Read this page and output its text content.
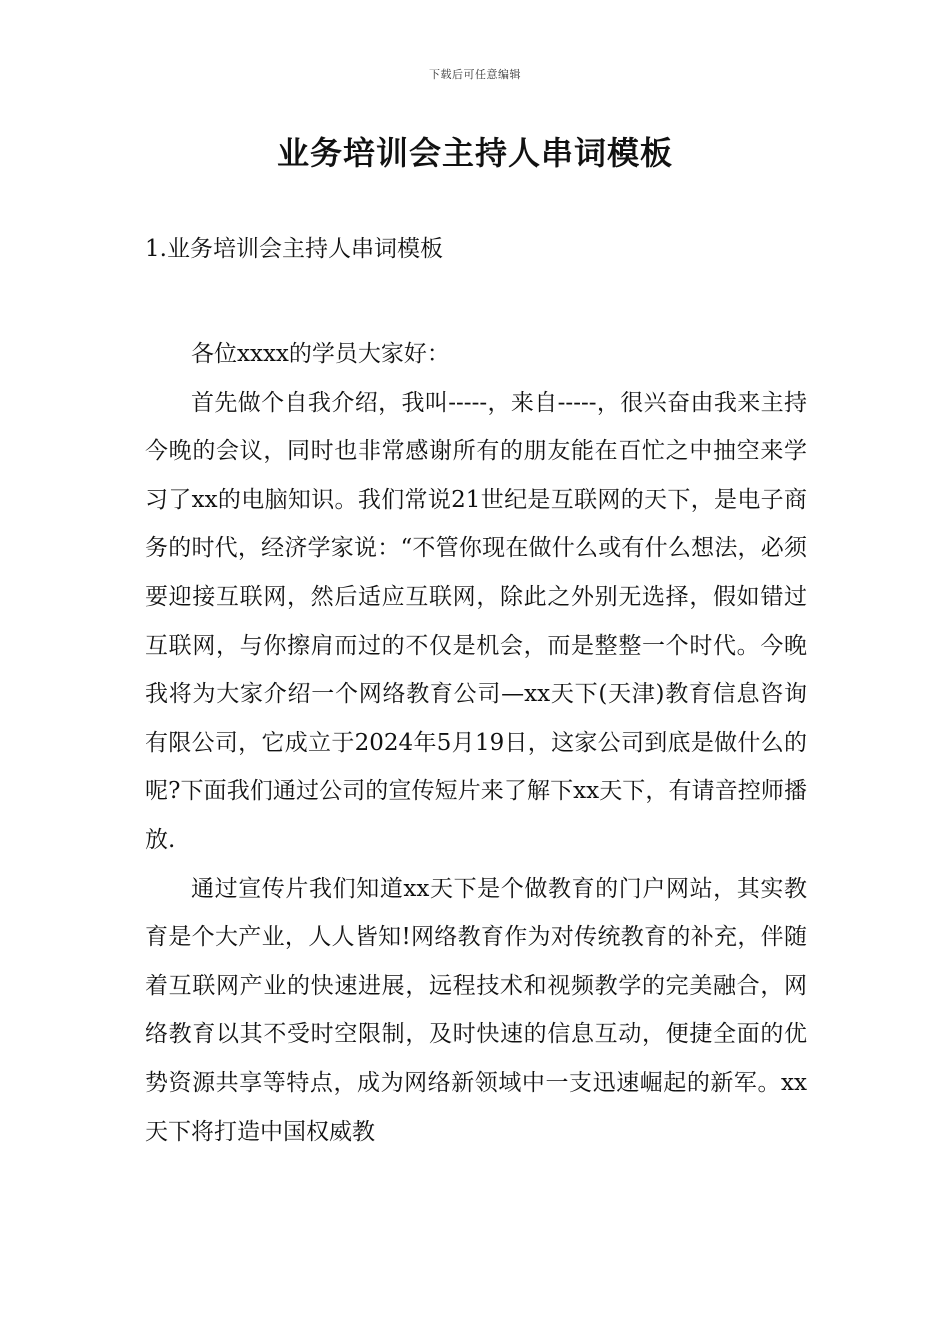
下载后可任意编辑
业务培训会主持人串词模板
1.业务培训会主持人串词模板

各位xxxx的学员大家好：

首先做个自我介绍，我叫-----，来自-----，很兴奋由我来主持今晚的会议，同时也非常感谢所有的朋友能在百忙之中抽空来学习了xx的电脑知识。我们常说21世纪是互联网的天下，是电子商务的时代，经济学家说：“不管你现在做什么或有什么想法，必须要迎接互联网，然后适应互联网，除此之外别无选择，假如错过互联网，与你擦肩而过的不仅是机会，而是整整一个时代。今晚我将为大家介绍一个网络教育公司—xx天下(天津)教育信息咨询有限公司，它成立于2024年5月19日，这家公司到底是做什么的呢?下面我们通过公司的宣传短片来了解下xx天下，有请音控师播放.

通过宣传片我们知道xx天下是个做教育的门户网站，其实教育是个大产业，人人皆知!网络教育作为对传统教育的补充，伴随着互联网产业的快速进展，远程技术和视频教学的完美融合，网络教育以其不受时空限制，及时快速的信息互动，便捷全面的优势资源共享等特点，成为网络新领域中一支迅速崛起的新军。xx天下将打造中国权威教
